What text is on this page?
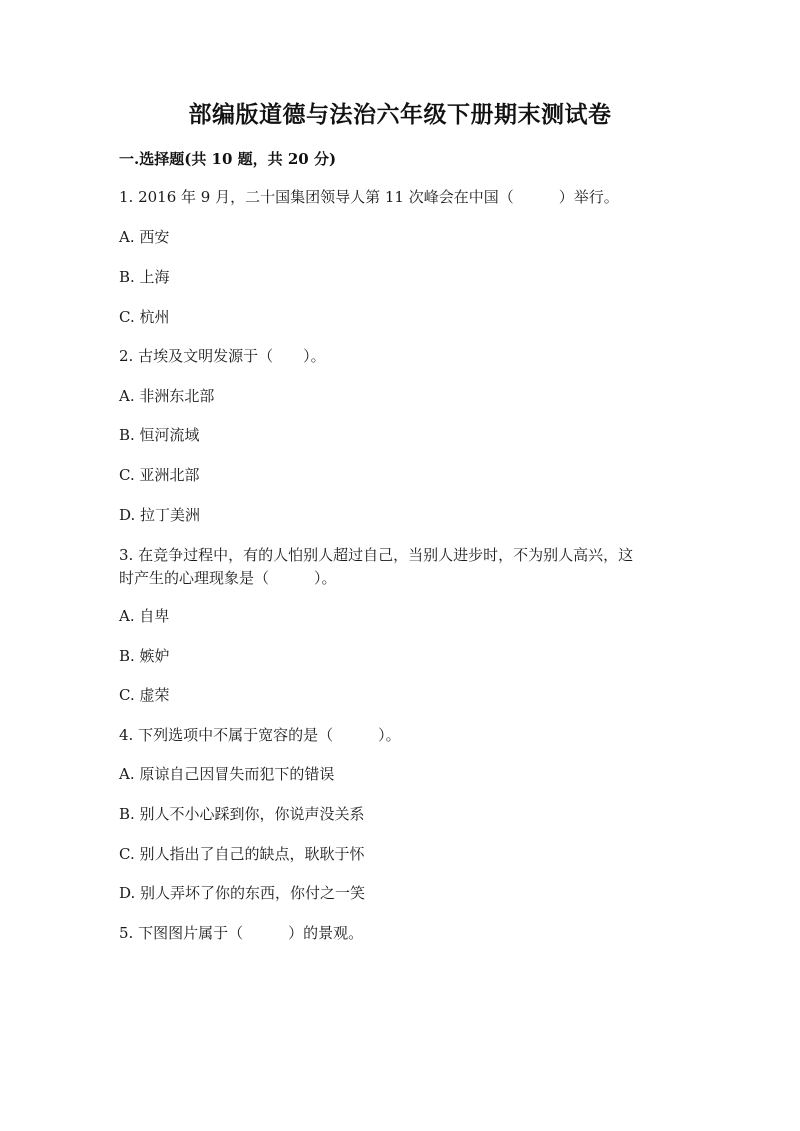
部编版道德与法治六年级下册期末测试卷
一.选择题(共 10 题，共 20 分)
1. 2016 年 9 月，二十国集团领导人第 11 次峰会在中国（　　　）举行。
A. 西安
B. 上海
C. 杭州
2. 古埃及文明发源于（　　）。
A. 非洲东北部
B. 恒河流域
C. 亚洲北部
D. 拉丁美洲
3. 在竞争过程中，有的人怕别人超过自己，当别人进步时，不为别人高兴，这
时产生的心理现象是（　　　）。
A. 自卑
B. 嫉妒
C. 虚荣
4. 下列选项中不属于宽容的是（　　　）。
A. 原谅自己因冒失而犯下的错误
B. 别人不小心踩到你，你说声没关系
C. 别人指出了自己的缺点，耿耿于怀
D. 别人弄坏了你的东西，你付之一笑
5. 下图图片属于（　　　）的景观。
